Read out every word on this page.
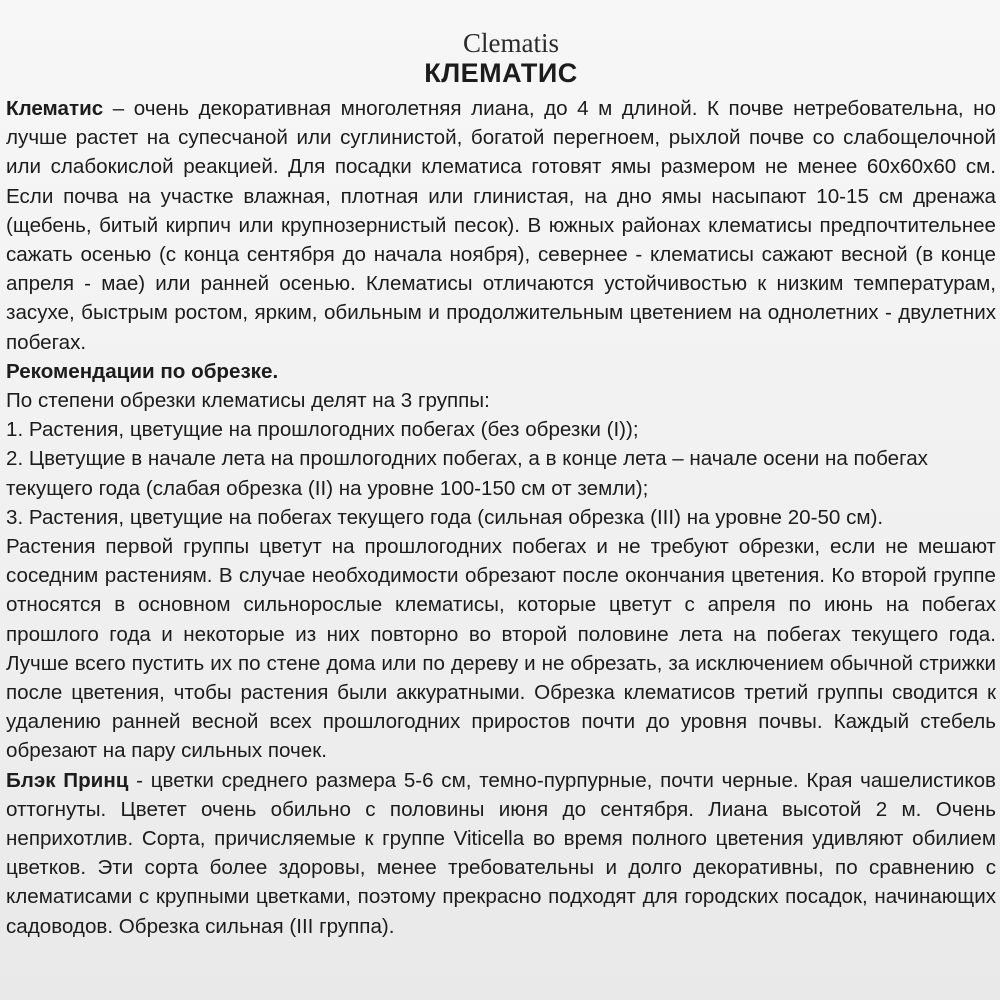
Clematis
КЛЕМАТИС

Клематис – очень декоративная многолетняя лиана, до 4 м длиной. К почве нетребовательна, но лучше растет на супесчаной или суглинистой, богатой перегноем, рыхлой почве со слабощелочной или слабокислой реакцией. Для посадки клематиса готовят ямы размером не менее 60х60х60 см. Если почва на участке влажная, плотная или глинистая, на дно ямы насыпают 10-15 см дренажа (щебень, битый кирпич или крупнозернистый песок). В южных районах клематисы предпочтительнее сажать осенью (с конца сентября до начала ноября), севернее - клематисы сажают весной (в конце апреля - мае) или ранней осенью. Клематисы отличаются устойчивостью к низким температурам, засухе, быстрым ростом, ярким, обильным и продолжительным цветением на однолетних - двулетних побегах.

Рекомендации по обрезке.

По степени обрезки клематисы делят на 3 группы:

1. Растения, цветущие на прошлогодних побегах (без обрезки (I));

2. Цветущие в начале лета на прошлогодних побегах, а в конце лета – начале осени на побегах текущего года (слабая обрезка (II) на уровне 100-150 см от земли);

3. Растения, цветущие на побегах текущего года (сильная обрезка (III) на уровне 20-50 см).

Растения первой группы цветут на прошлогодних побегах и не требуют обрезки, если не мешают соседним растениям. В случае необходимости обрезают после окончания цветения. Ко второй группе относятся в основном сильнорослые клематисы, которые цветут с апреля по июнь на побегах прошлого года и некоторые из них повторно во второй половине лета на побегах текущего года. Лучше всего пустить их по стене дома или по дереву и не обрезать, за исключением обычной стрижки после цветения, чтобы растения были аккуратными. Обрезка клематисов третий группы сводится к удалению ранней весной всех прошлогодних приростов почти до уровня почвы. Каждый стебель обрезают на пару сильных почек.

Блэк Принц - цветки среднего размера 5-6 см, темно-пурпурные, почти черные. Края чашелистиков оттогнуты. Цветет очень обильно с половины июня до сентября. Лиана высотой 2 м. Очень неприхотлив. Сорта, причисляемые к группе Viticella во время полного цветения удивляют обилием цветков. Эти сорта более здоровы, менее требовательны и долго декоративны, по сравнению с клематисами с крупными цветками, поэтому прекрасно подходят для городских посадок, начинающих садоводов. Обрезка сильная (III группа).
